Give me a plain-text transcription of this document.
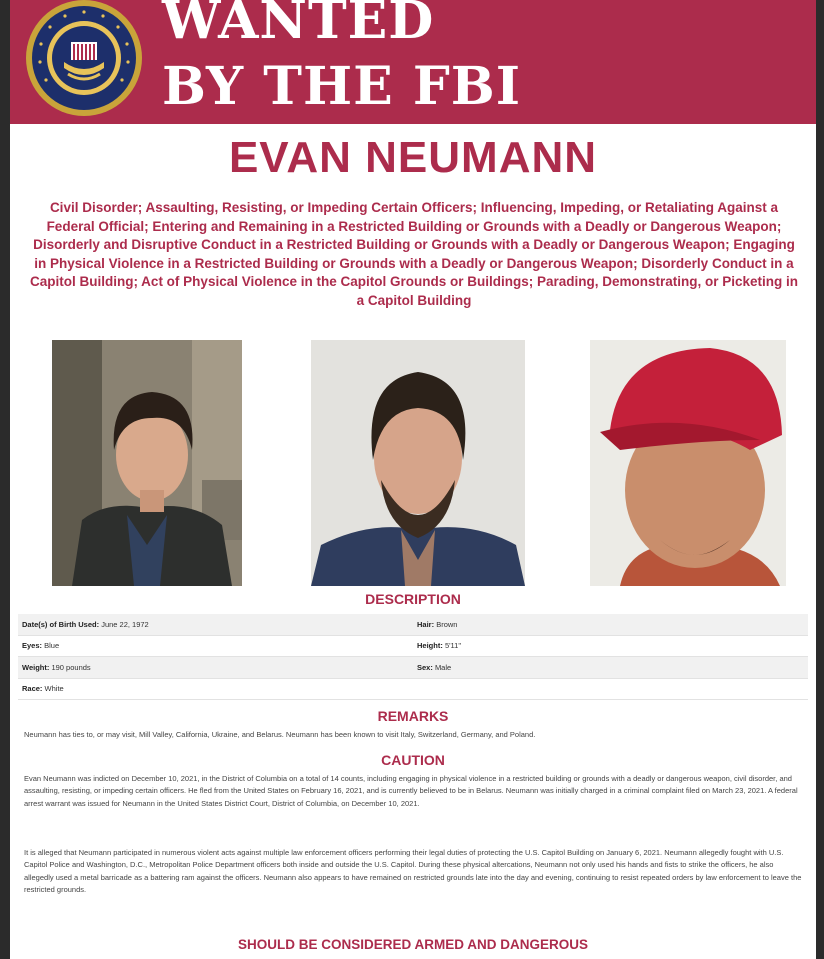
WANTED
BY THE FBI
EVAN NEUMANN
Civil Disorder; Assaulting, Resisting, or Impeding Certain Officers; Influencing, Impeding, or Retaliating Against a Federal Official; Entering and Remaining in a Restricted Building or Grounds with a Deadly or Dangerous Weapon; Disorderly and Disruptive Conduct in a Restricted Building or Grounds with a Deadly or Dangerous Weapon; Engaging in Physical Violence in a Restricted Building or Grounds with a Deadly or Dangerous Weapon; Disorderly Conduct in a Capitol Building; Act of Physical Violence in the Capitol Grounds or Buildings; Parading, Demonstrating, or Picketing in a Capitol Building
DESCRIPTION
Date(s) of Birth Used: June 22, 1972	Hair: Brown
Eyes: Blue	Height: 5'11"
Weight: 190 pounds	Sex: Male
Race: White
REMARKS
Neumann has ties to, or may visit, Mill Valley, California, Ukraine, and Belarus. Neumann has been known to visit Italy, Switzerland, Germany, and Poland.
CAUTION
Evan Neumann was indicted on December 10, 2021, in the District of Columbia on a total of 14 counts, including engaging in physical violence in a restricted building or grounds with a deadly or dangerous weapon, civil disorder, and assaulting, resisting, or impeding certain officers. He fled from the United States on February 16, 2021, and is currently believed to be in Belarus. Neumann was initially charged in a criminal complaint filed on March 23, 2021. A federal arrest warrant was issued for Neumann in the United States District Court, District of Columbia, on December 10, 2021.
It is alleged that Neumann participated in numerous violent acts against multiple law enforcement officers performing their legal duties of protecting the U.S. Capitol Building on January 6, 2021. Neumann allegedly fought with U.S. Capitol Police and Washington, D.C., Metropolitan Police Department officers both inside and outside the U.S. Capitol. During these physical altercations, Neumann not only used his hands and fists to strike the officers, he also allegedly used a metal barricade as a battering ram against the officers. Neumann also appears to have remained on restricted grounds late into the day and evening, continuing to resist repeated orders by law enforcement to leave the restricted grounds.
SHOULD BE CONSIDERED ARMED AND DANGEROUS
